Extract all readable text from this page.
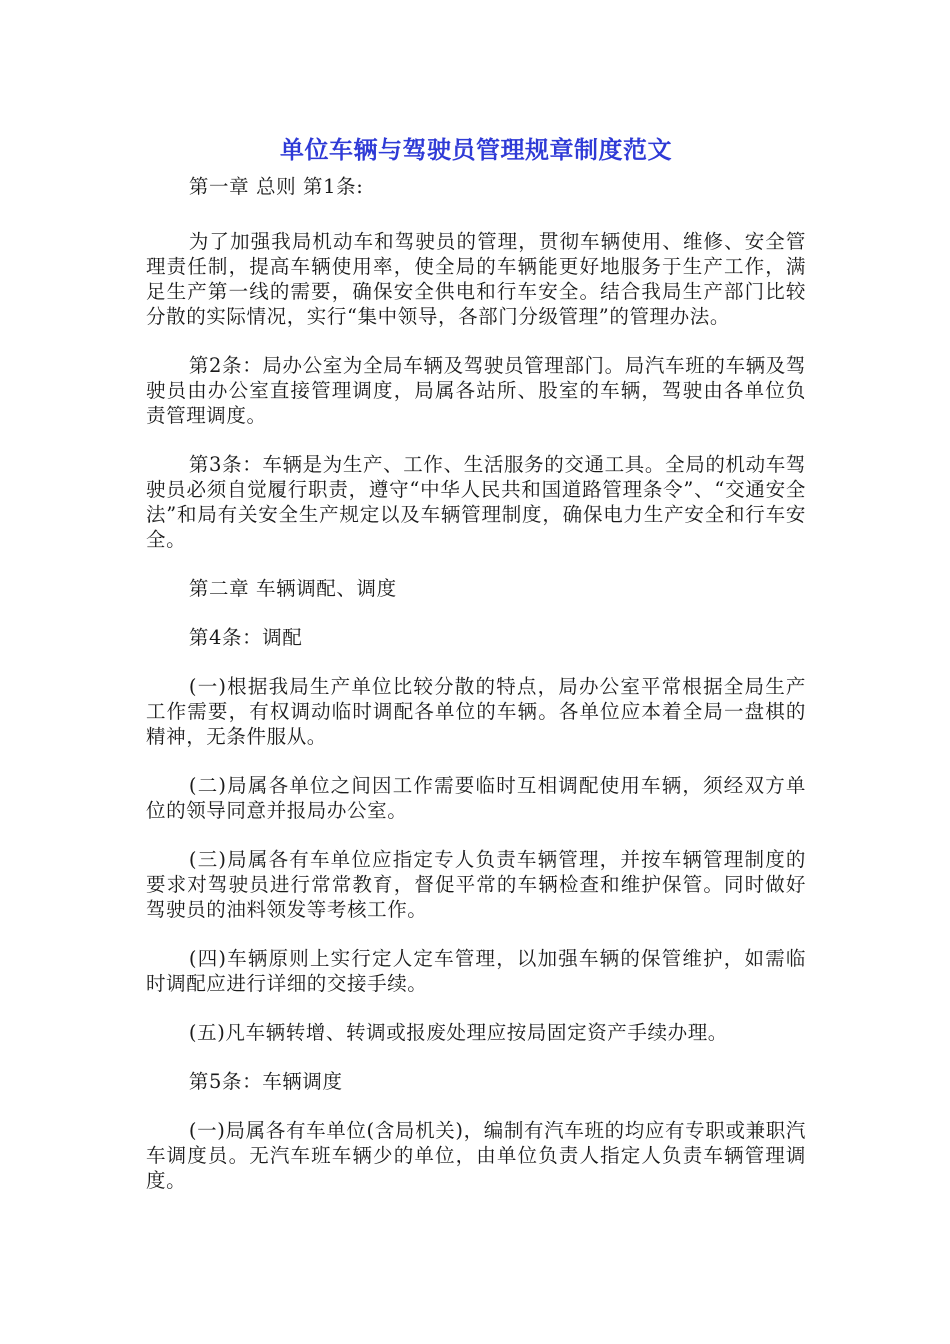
单位车辆与驾驶员管理规章制度范文

第一章 总则 第1条:

为了加强我局机动车和驾驶员的管理，贯彻车辆使用、维修、安全管理责任制，提高车辆使用率，使全局的车辆能更好地服务于生产工作，满足生产第一线的需要，确保安全供电和行车安全。结合我局生产部门比较分散的实际情况，实行“集中领导，各部门分级管理”的管理办法。

第2条：局办公室为全局车辆及驾驶员管理部门。局汽车班的车辆及驾驶员由办公室直接管理调度，局属各站所、股室的车辆，驾驶由各单位负责管理调度。

第3条：车辆是为生产、工作、生活服务的交通工具。全局的机动车驾驶员必须自觉履行职责，遵守“中华人民共和国道路管理条令”、“交通安全法”和局有关安全生产规定以及车辆管理制度，确保电力生产安全和行车安全。

第二章 车辆调配、调度

第4条：调配

(一)根据我局生产单位比较分散的特点，局办公室平常根据全局生产工作需要，有权调动临时调配各单位的车辆。各单位应本着全局一盘棋的精神，无条件服从。

(二)局属各单位之间因工作需要临时互相调配使用车辆，须经双方单位的领导同意并报局办公室。

(三)局属各有车单位应指定专人负责车辆管理，并按车辆管理制度的要求对驾驶员进行常常教育，督促平常的车辆检查和维护保管。同时做好驾驶员的油料领发等考核工作。

(四)车辆原则上实行定人定车管理，以加强车辆的保管维护，如需临时调配应进行详细的交接手续。

(五)凡车辆转增、转调或报废处理应按局固定资产手续办理。

第5条：车辆调度

(一)局属各有车单位(含局机关)，编制有汽车班的均应有专职或兼职汽车调度员。无汽车班车辆少的单位，由单位负责人指定人负责车辆管理调度。
